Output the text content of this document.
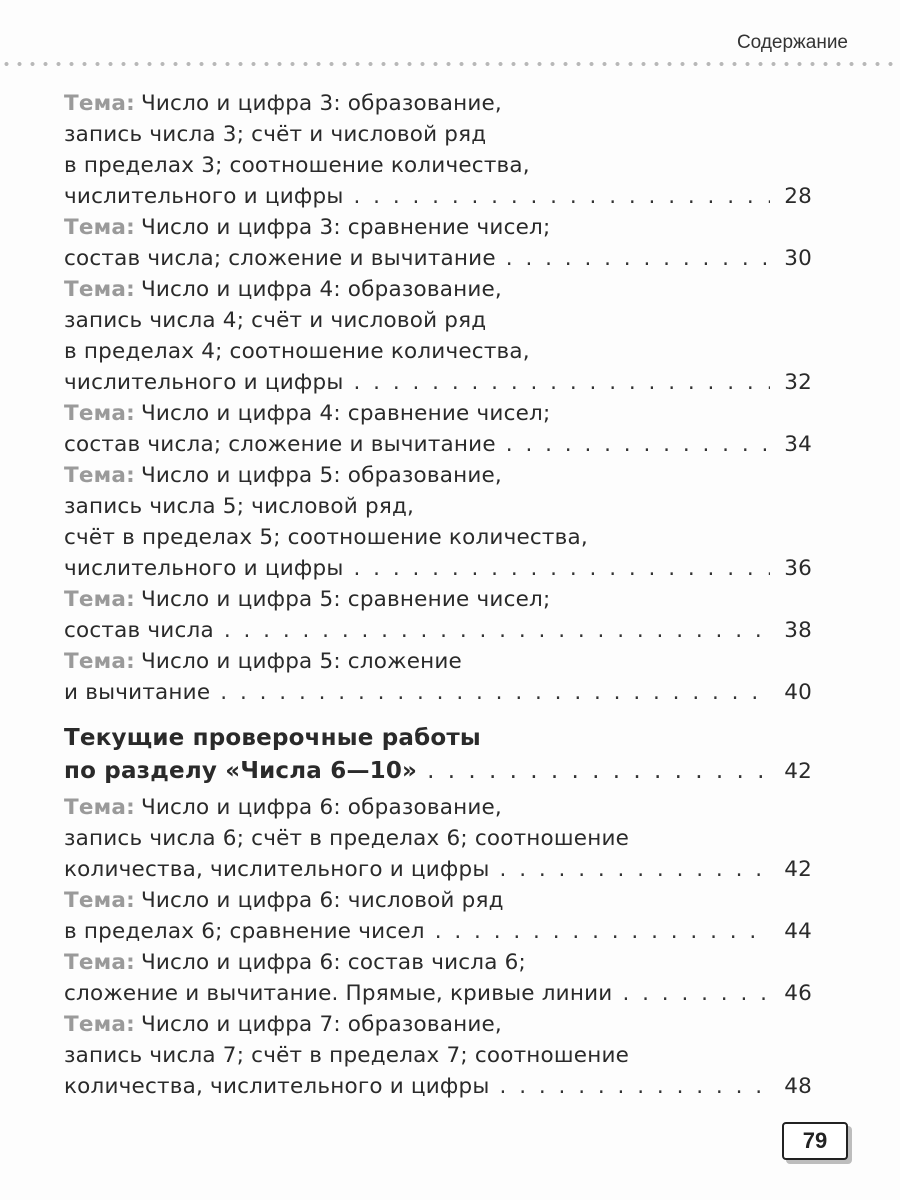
Содержание
Тема: Число и цифра 3: образование,
запись числа 3; счёт и числовой ряд
в пределах 3; соотношение количества,
числительного и цифры . . .	28
Тема: Число и цифра 3: сравнение чисел;
состав числа; сложение и вычитание . . .	30
Тема: Число и цифра 4: образование,
запись числа 4; счёт и числовой ряд
в пределах 4; соотношение количества,
числительного и цифры . . .	32
Тема: Число и цифра 4: сравнение чисел;
состав числа; сложение и вычитание . . .	34
Тема: Число и цифра 5: образование,
запись числа 5; числовой ряд,
счёт в пределах 5; соотношение количества,
числительного и цифры . . .	36
Тема: Число и цифра 5: сравнение чисел;
состав числа . . .	38
Тема: Число и цифра 5: сложение
и вычитание . . .	40
Текущие проверочные работы
по разделу «Числа 6—10» . . .	42
Тема: Число и цифра 6: образование,
запись числа 6; счёт в пределах 6; соотношение
количества, числительного и цифры . . .	42
Тема: Число и цифра 6: числовой ряд
в пределах 6; сравнение чисел . . .	44
Тема: Число и цифра 6: состав числа 6;
сложение и вычитание. Прямые, кривые линии . . .	46
Тема: Число и цифра 7: образование,
запись числа 7; счёт в пределах 7; соотношение
количества, числительного и цифры . . .	48
79
